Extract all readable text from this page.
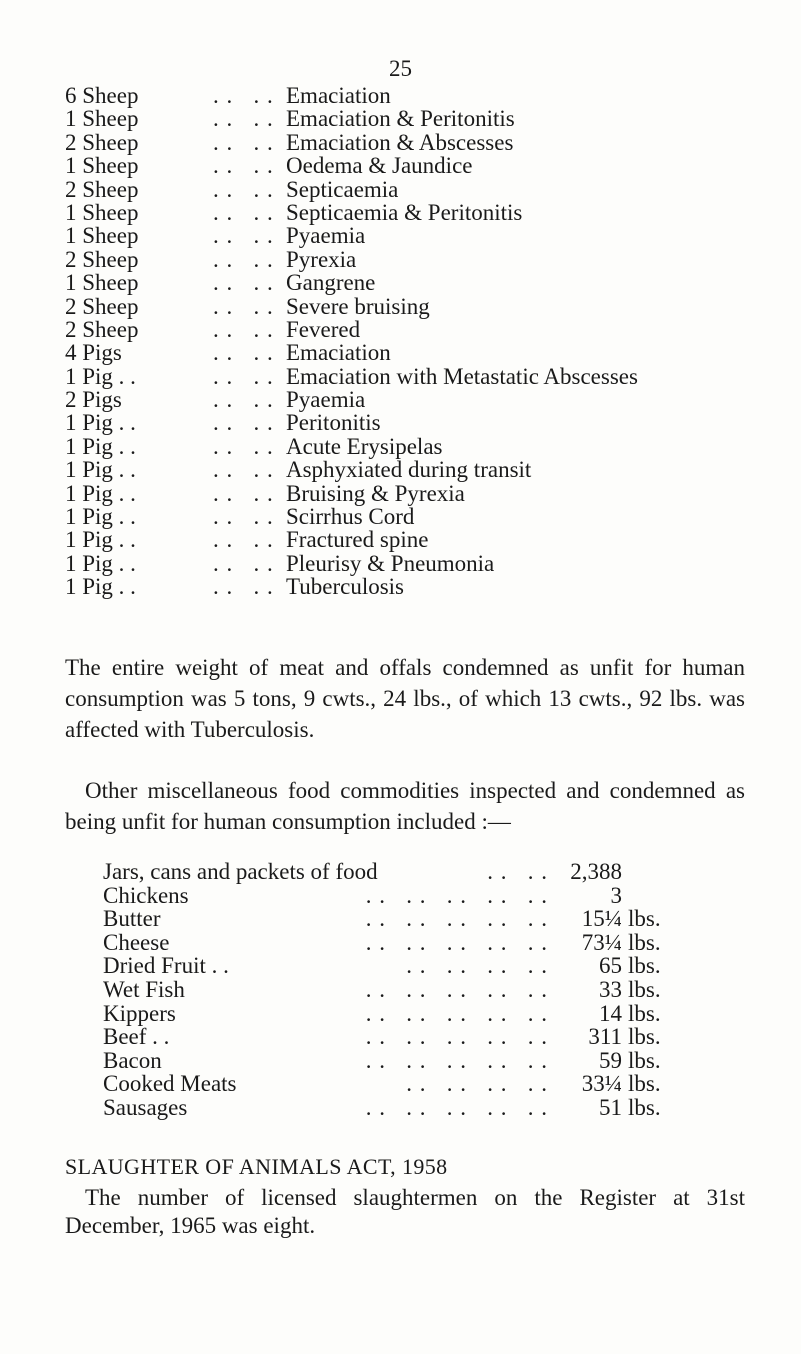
25
6 Sheep	. .   . . Emaciation
1 Sheep	. .   . . Emaciation & Peritonitis
2 Sheep	. .   . . Emaciation & Abscesses
1 Sheep	. .   . . Oedema & Jaundice
2 Sheep	. .   . . Septicaemia
1 Sheep	. .   . . Septicaemia & Peritonitis
1 Sheep	. .   . . Pyaemia
2 Sheep	. .   . . Pyrexia
1 Sheep	. .   . . Gangrene
2 Sheep	. .   . . Severe bruising
2 Sheep	. .   . . Fevered
4 Pigs	. .   . . Emaciation
1 Pig . .	. .   . . Emaciation with Metastatic Abscesses
2 Pigs	. .   . . Pyaemia
1 Pig . .	. .   . . Peritonitis
1 Pig . .	. .   . . Acute Erysipelas
1 Pig . .	. .   . . Asphyxiated during transit
1 Pig . .	. .   . . Bruising & Pyrexia
1 Pig . .	. .   . . Scirrhus Cord
1 Pig . .	. .   . . Fractured spine
1 Pig . .	. .   . . Pleurisy & Pneumonia
1 Pig . .	. .   . . Tuberculosis

The entire weight of meat and offals condemned as unfit for human consumption was 5 tons, 9 cwts., 24 lbs., of which 13 cwts., 92 lbs. was affected with Tuberculosis.

Other miscellaneous food commodities inspected and condemned as being unfit for human consumption included :—

Jars, cans and packets of food	. .   . . 2,388
Chickens	. .   . .   . .   . .   . .	3
Butter	. .   . .   . .   . .   . .	15¼ lbs.
Cheese	. .   . .   . .   . .   . .	73¼ lbs.
Dried Fruit . .	. .   . .   . .   . .	65 lbs.
Wet Fish	. .   . .   . .   . .   . .	33 lbs.
Kippers	. .   . .   . .   . .   . .	14 lbs.
Beef . .	. .   . .   . .   . .   . .	311 lbs.
Bacon	. .   . .   . .   . .   . .	59 lbs.
Cooked Meats	. .   . .   . .   . .	33¼ lbs.
Sausages	. .   . .   . .   . .   . .	51 lbs.
SLAUGHTER OF ANIMALS ACT, 1958

The number of licensed slaughtermen on the Register at 31st December, 1965 was eight.
